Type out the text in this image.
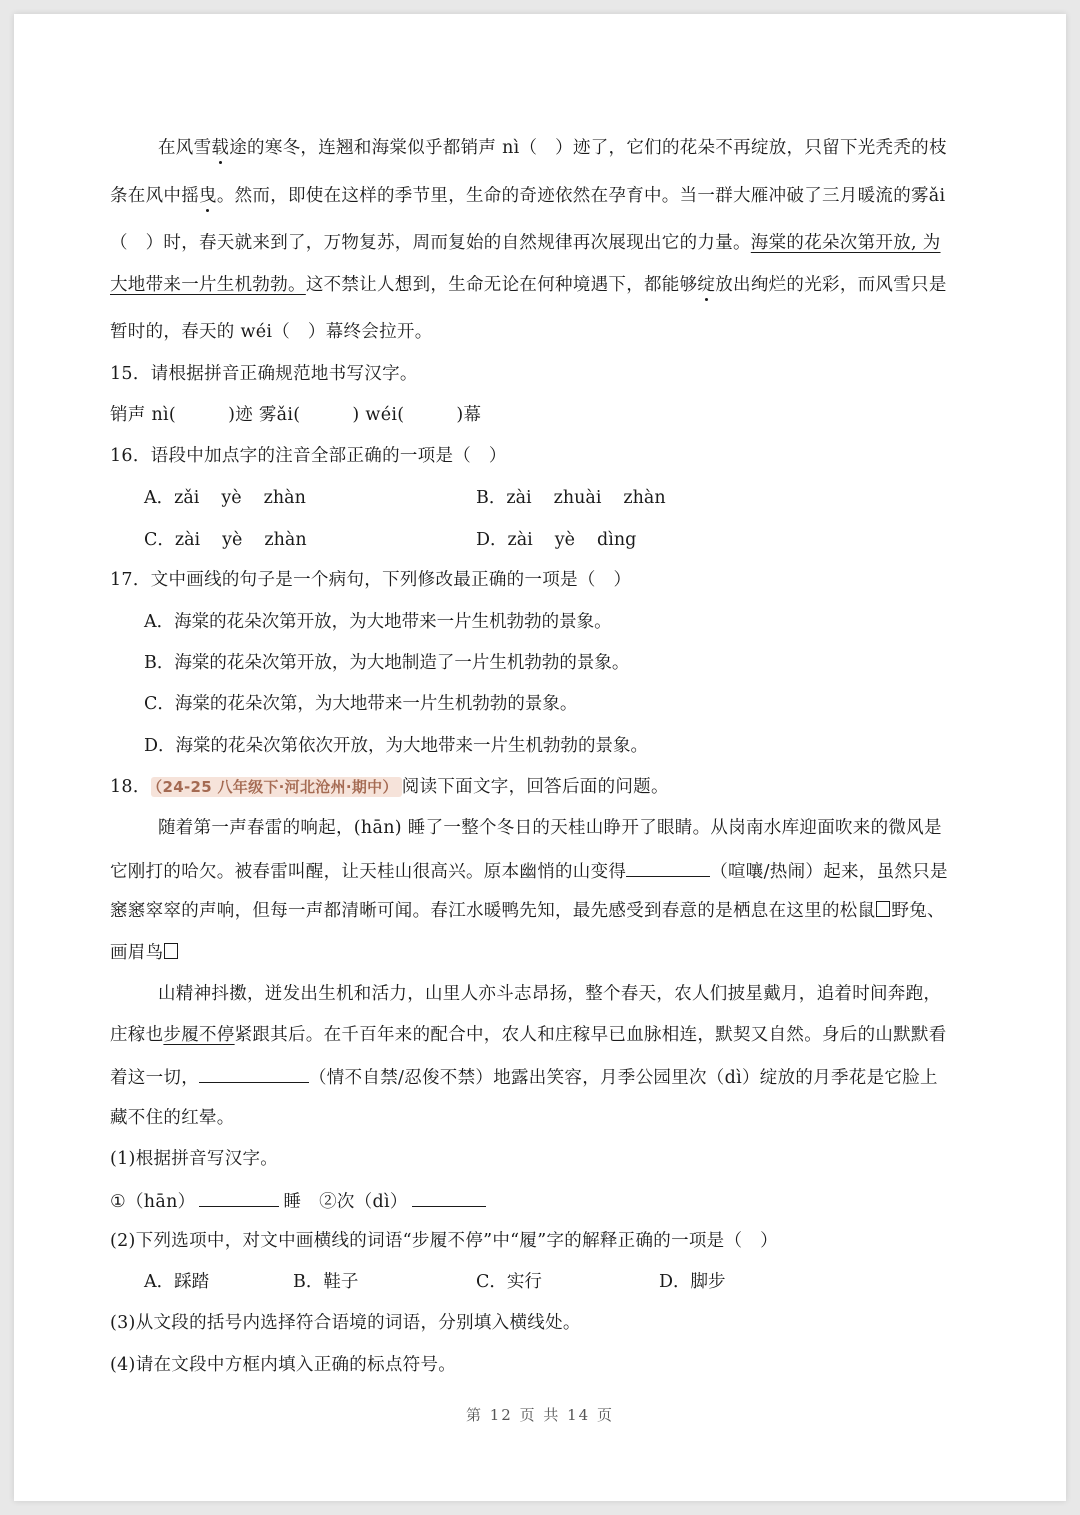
在风雪载途的寒冬，连翘和海棠似乎都销声 nì（　）迹了，它们的花朵不再绽放，只留下光秃秃的枝
条在风中摇曳。然而，即使在这样的季节里，生命的奇迹依然在孕育中。当一群大雁冲破了三月暖流的雾ǎi
（　）时，春天就来到了，万物复苏，周而复始的自然规律再次展现出它的力量。海棠的花朵次第开放, 为
大地带来一片生机勃勃。这不禁让人想到，生命无论在何种境遇下，都能够绽放出绚烂的光彩，而风雪只是
暂时的，春天的 wéi（　）幕终会拉开。
15．请根据拼音正确规范地书写汉字。
销声 nì(	)迹 雾ǎi(	) wéi(	)幕
16．语段中加点字的注音全部正确的一项是（　）
A．zǎi yè zhàn	B．zài zhuài zhàn
C．zài yè zhàn	D．zài yè dìng
17．文中画线的句子是一个病句，下列修改最正确的一项是（　）
A．海棠的花朵次第开放，为大地带来一片生机勃勃的景象。
B．海棠的花朵次第开放，为大地制造了一片生机勃勃的景象。
C．海棠的花朵次第，为大地带来一片生机勃勃的景象。
D．海棠的花朵次第依次开放，为大地带来一片生机勃勃的景象。
18． （24-25 八年级下·河北沧州·期中） 阅读下面文字，回答后面的问题。
随着第一声春雷的响起，(hān) 睡了一整个冬日的天桂山睁开了眼睛。从岗南水库迎面吹来的微风是
它刚打的哈欠。被春雷叫醒，让天桂山很高兴。原本幽悄的山变得	（喧嚷/热闹）起来，虽然只是
窸窸窣窣的声响，但每一声都清晰可闻。春江水暖鸭先知，最先感受到春意的是栖息在这里的松鼠 野兔、
画眉鸟
山精神抖擞，迸发出生机和活力，山里人亦斗志昂扬，整个春天，农人们披星戴月，追着时间奔跑，
庄稼也步履不停紧跟其后。在千百年来的配合中，农人和庄稼早已血脉相连，默契又自然。身后的山默默看
着这一切，	（情不自禁/忍俊不禁）地露出笑容，月季公园里次（dì）绽放的月季花是它脸上
藏不住的红晕。
(1)根据拼音写汉字。
①（hān）	睡　②次（dì）
(2)下列选项中，对文中画横线的词语“步履不停”中“履”字的解释正确的一项是（　）
A．踩踏	B．鞋子	C．实行	D．脚步
(3)从文段的括号内选择符合语境的词语，分别填入横线处。
(4)请在文段中方框内填入正确的标点符号。
第 12 页 共 14 页
